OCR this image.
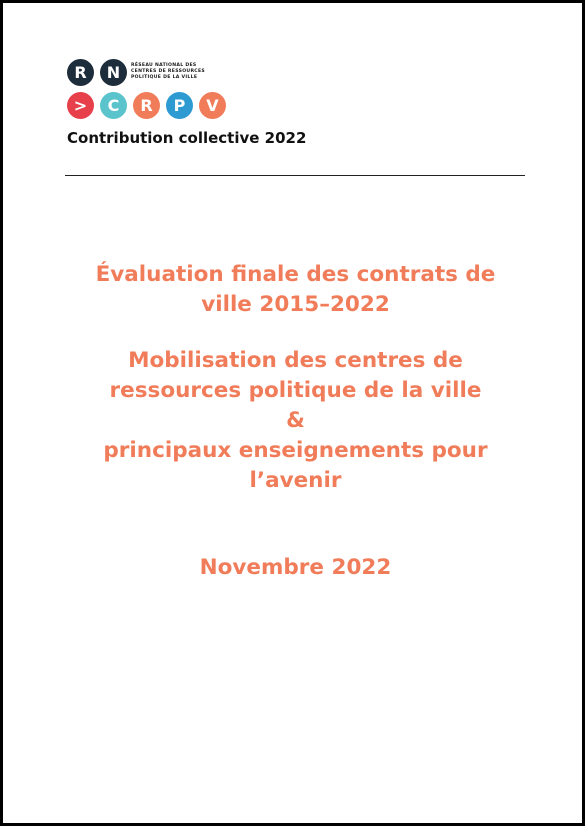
R	N	RÉSEAU NATIONAL DES
CENTRES DE RESSOURCES
POLITIQUE DE LA VILLE
>	C	R	P	V
Contribution collective 2022
Évaluation finale des contrats de
ville 2015–2022
Mobilisation des centres de
ressources politique de la ville
&
principaux enseignements pour
l’avenir
Novembre 2022
